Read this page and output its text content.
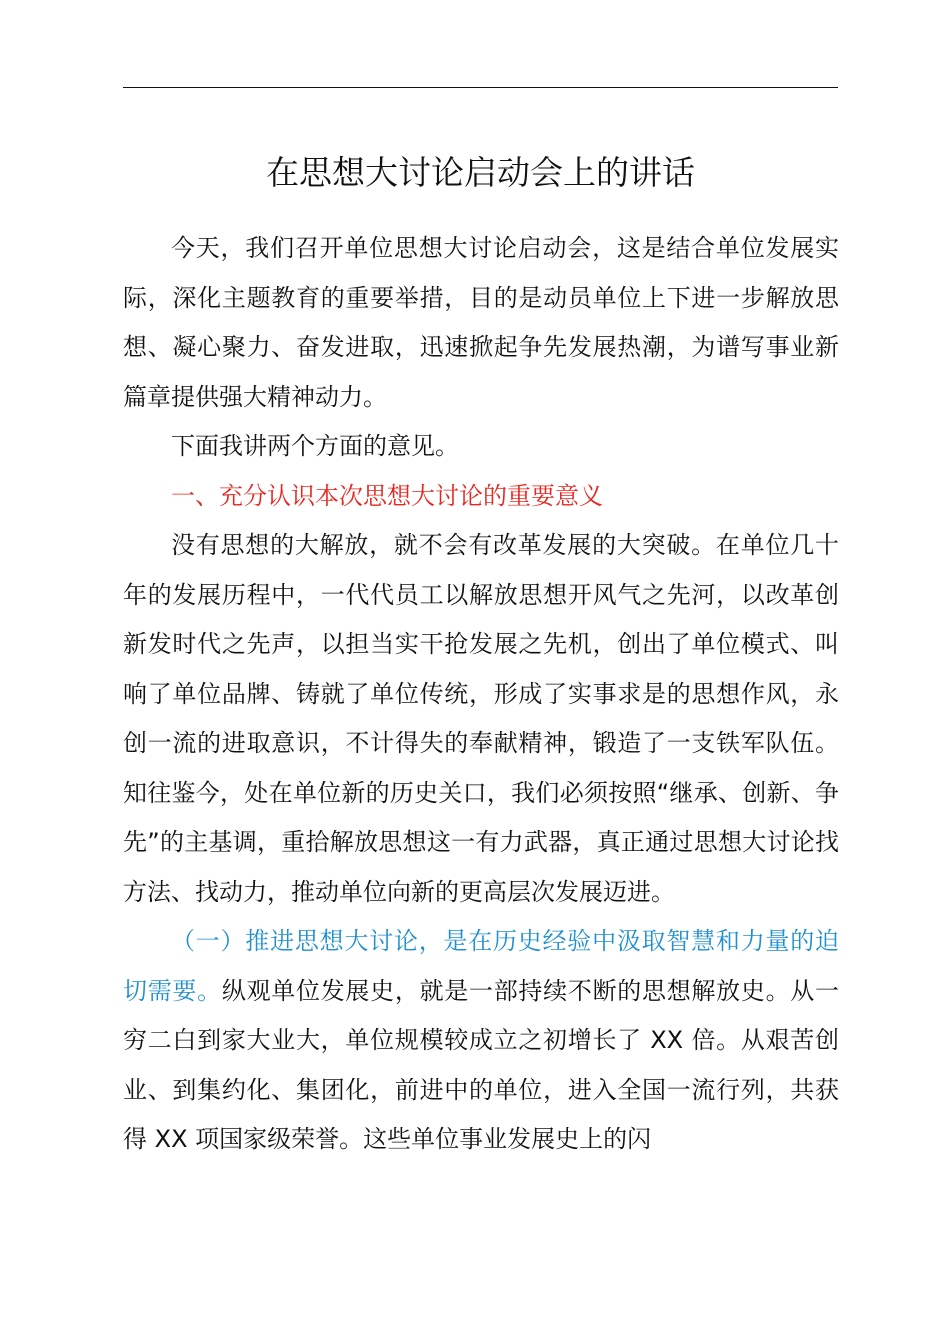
在思想大讨论启动会上的讲话

今天，我们召开单位思想大讨论启动会，这是结合单位发展实际，深化主题教育的重要举措，目的是动员单位上下进一步解放思想、凝心聚力、奋发进取，迅速掀起争先发展热潮，为谱写事业新篇章提供强大精神动力。

下面我讲两个方面的意见。

一、充分认识本次思想大讨论的重要意义

没有思想的大解放，就不会有改革发展的大突破。在单位几十年的发展历程中，一代代员工以解放思想开风气之先河，以改革创新发时代之先声，以担当实干抢发展之先机，创出了单位模式、叫响了单位品牌、铸就了单位传统，形成了实事求是的思想作风，永创一流的进取意识，不计得失的奉献精神，锻造了一支铁军队伍。知往鉴今，处在单位新的历史关口，我们必须按照“继承、创新、争先”的主基调，重拾解放思想这一有力武器，真正通过思想大讨论找方法、找动力，推动单位向新的更高层次发展迈进。

（一）推进思想大讨论，是在历史经验中汲取智慧和力量的迫切需要。纵观单位发展史，就是一部持续不断的思想解放史。从一穷二白到家大业大，单位规模较成立之初增长了 XX 倍。从艰苦创业、到集约化、集团化，前进中的单位，进入全国一流行列，共获得 XX 项国家级荣誉。这些单位事业发展史上的闪
